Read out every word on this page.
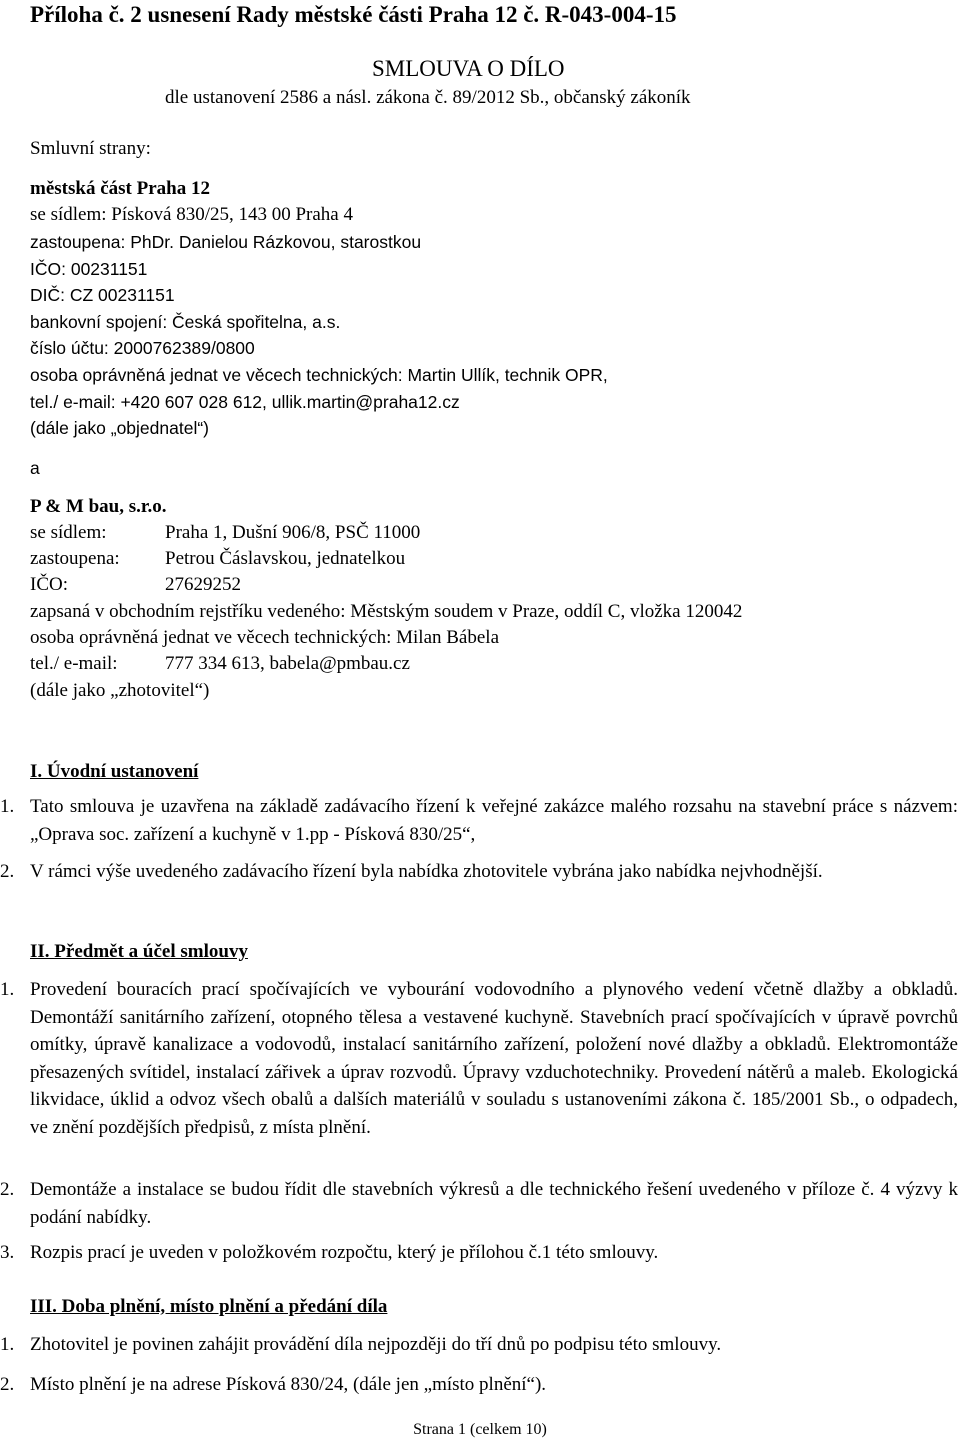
Příloha č. 2 usnesení Rady městské části Praha 12 č. R-043-004-15
SMLOUVA O DÍLO
dle ustanovení 2586 a násl. zákona č. 89/2012 Sb., občanský zákoník
Smluvní strany:
městská část Praha 12
se sídlem: Písková 830/25, 143 00 Praha 4
zastoupena: PhDr. Danielou Rázkovou, starostkou
IČO: 00231151
DIČ: CZ 00231151
bankovní spojení: Česká spořitelna, a.s.
číslo účtu: 2000762389/0800
osoba oprávněná jednat ve věcech technických: Martin Ullík, technik OPR,
tel./ e-mail: +420 607 028 612, ullik.martin@praha12.cz
(dále jako „objednatel“)
a
P & M bau, s.r.o.
se sídlem:	Praha 1, Dušní 906/8, PSČ 11000
zastoupena: Petrou Čáslavskou, jednatelkou
IČO:	27629252
zapsaná v obchodním rejstříku vedeného: Městským soudem v Praze, oddíl C, vložka 120042
osoba oprávněná jednat ve věcech technických: Milan Bábela
tel./ e-mail: 777 334 613, babela@pmbau.cz
(dále jako „zhotovitel“)
I. Úvodní ustanovení
1. Tato smlouva je uzavřena na základě zadávacího řízení k veřejné zakázce malého rozsahu na stavební práce s názvem: „Oprava soc. zařízení a kuchyně v 1.pp - Písková 830/25“,
2. V rámci výše uvedeného zadávacího řízení byla nabídka zhotovitele vybrána jako nabídka nejvhodnější.
II. Předmět a účel smlouvy
1. Provedení bouracích prací spočívajících ve vybourání vodovodního a plynového vedení včetně dlažby a obkladů. Demontáží sanitárního zařízení, otopného tělesa a vestavené kuchyně. Stavebních prací spočívajících v úpravě povrchů omítky, úpravě kanalizace a vodovodů, instalací sanitárního zařízení, položení nové dlažby a obkladů. Elektromontáže přesazených svítidel, instalací zářivek a úprav rozvodů. Úpravy vzduchotechniky. Provedení nátěrů a maleb. Ekologická likvidace, úklid a odvoz všech obalů a dalších materiálů v souladu s ustanoveními zákona č. 185/2001 Sb., o odpadech, ve znění pozdějších předpisů, z místa plnění.
2. Demontáže a instalace se budou řídit dle stavebních výkresů a dle technického řešení uvedeného v příloze č. 4 výzvy k podání nabídky.
3. Rozpis prací je uveden v položkovém rozpočtu, který je přílohou č.1 této smlouvy.
III. Doba plnění, místo plnění a předání díla
1. Zhotovitel je povinen zahájit provádění díla nejpozději do tří dnů po podpisu této smlouvy.
2. Místo plnění je na adrese Písková 830/24, (dále jen „místo plnění“).
Strana 1 (celkem 10)
